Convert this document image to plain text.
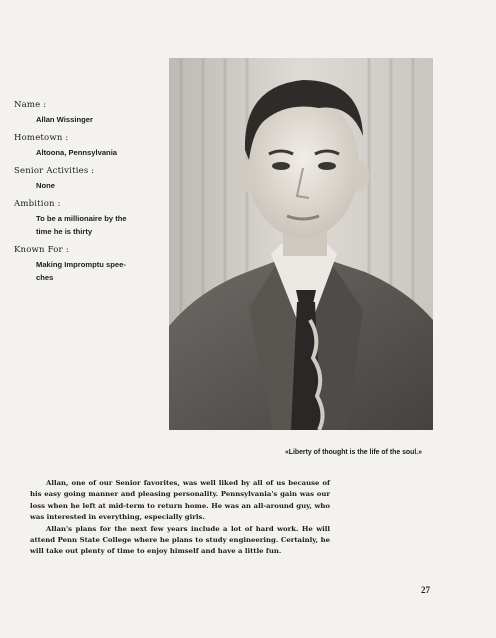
Name :
Allan Wissinger
Hometown :
Altoona, Pennsylvania
Senior Activities :
None
Ambition :
To be a millionaire by the
time he is thirty
Known For :
Making Impromptu spee-
ches
«Liberty of thought is the life of the soul.»

Allan, one of our Senior favorites, was well liked by all of us because of his easy going manner and pleasing personality. Pennsylvania's gain was our loss when he left at mid-term to return home. He was an all-around guy, who was interested in everything, especially girls.

Allan's plans for the next few years include a lot of hard work. He will attend Penn State College where he plans to study engineering. Certainly, he will take out plenty of time to enjoy himself and have a little fun.

27
